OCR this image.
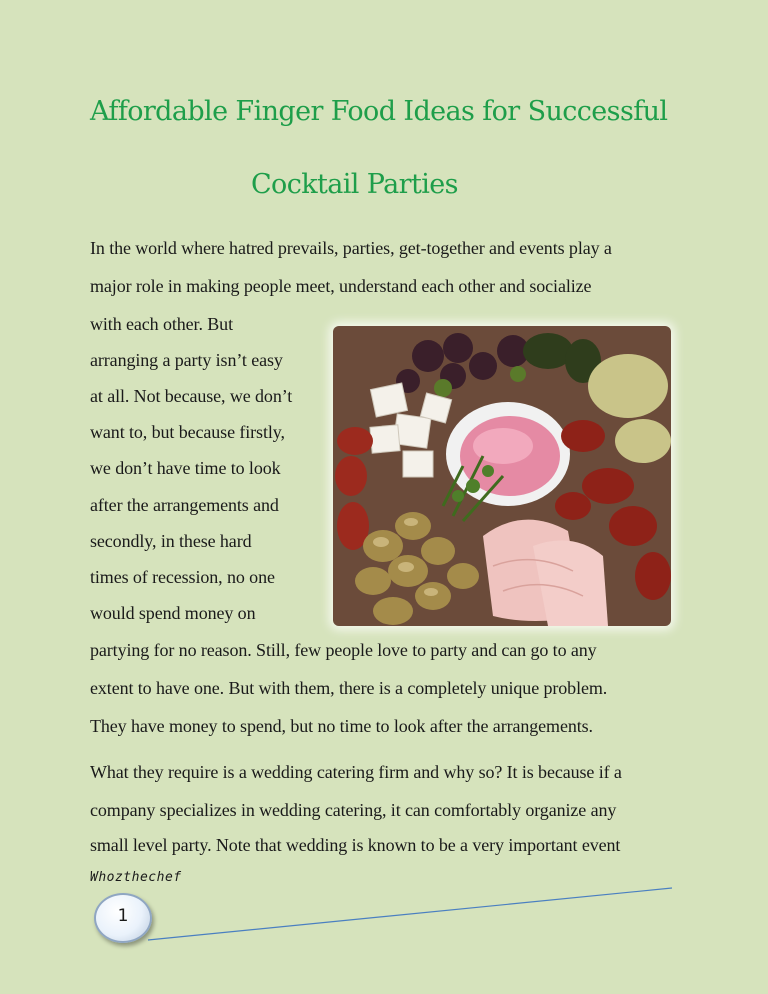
Affordable Finger Food Ideas for Successful
Cocktail Parties
In the world where hatred prevails, parties, get-together and events play a
major role in making people meet, understand each other and socialize
with each other. But
arranging a party isn’t easy
at all. Not because, we don’t
want to, but because firstly,
we don’t have time to look
after the arrangements and
secondly, in these hard
times of recession, no one
would spend money on
partying for no reason. Still, few people love to party and can go to any
extent to have one. But with them, there is a completely unique problem.
They have money to spend, but no time to look after the arrangements.
What they require is a wedding catering firm and why so? It is because if a
company specializes in wedding catering, it can comfortably organize any
small level party. Note that wedding is known to be a very important event
Whozthechef
1
